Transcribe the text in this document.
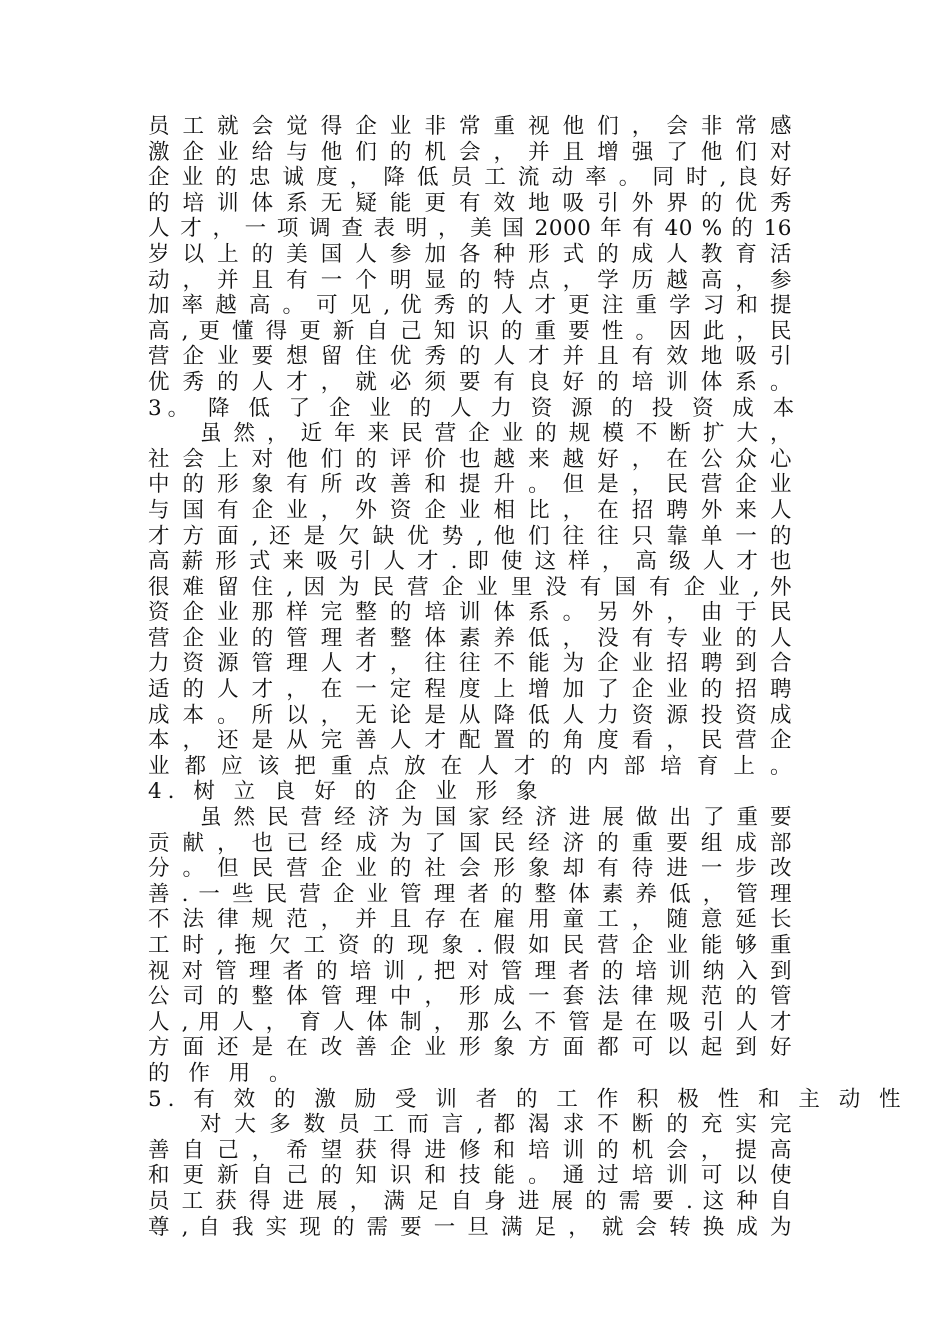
员 工 就 会 觉 得 企 业 非 常 重 视 他 们 ， 会 非 常 感
激 企 业 给 与 他 们 的 机 会 ， 并 且 增 强 了 他 们 对
企 业 的 忠 诚 度 ， 降 低 员 工 流 动 率 。 同 时 , 良 好
的 培 训 体 系 无 疑 能 更 有 效 地 吸 引 外 界 的 优 秀
人 才 ， 一 项 调 查 表 明 ， 美 国 2000 年 有 40 % 的 16
岁 以 上 的 美 国 人 参 加 各 种 形 式 的 成 人 教 育 活
动 ， 并 且 有 一 个 明 显 的 特 点 ， 学 历 越 高 ， 参
加 率 越 高 。 可 见 , 优 秀 的 人 才 更 注 重 学 习 和 提
高 , 更 懂 得 更 新 自 己 知 识 的 重 要 性 。 因 此 ， 民
营 企 业 要 想 留 住 优 秀 的 人 才 并 且 有 效 地 吸 引
优 秀 的 人 才 ， 就 必 须 要 有 良 好 的 培 训 体 系 。
3。 降 低 了 企 业 的 人 力 资 源 的 投 资 成 本
虽 然 ， 近 年 来 民 营 企 业 的 规 模 不 断 扩 大 ，
社 会 上 对 他 们 的 评 价 也 越 来 越 好 ， 在 公 众 心
中 的 形 象 有 所 改 善 和 提 升 。 但 是 ， 民 营 企 业
与 国 有 企 业 ， 外 资 企 业 相 比 ， 在 招 聘 外 来 人
才 方 面 , 还 是 欠 缺 优 势 , 他 们 往 往 只 靠 单 一 的
高 薪 形 式 来 吸 引 人 才 . 即 使 这 样 ， 高 级 人 才 也
很 难 留 住 , 因 为 民 营 企 业 里 没 有 国 有 企 业 , 外
资 企 业 那 样 完 整 的 培 训 体 系 。 另 外 ， 由 于 民
营 企 业 的 管 理 者 整 体 素 养 低 ， 没 有 专 业 的 人
力 资 源 管 理 人 才 ， 往 往 不 能 为 企 业 招 聘 到 合
适 的 人 才 ， 在 一 定 程 度 上 增 加 了 企 业 的 招 聘
成 本 。 所 以 ， 无 论 是 从 降 低 人 力 资 源 投 资 成
本 ， 还 是 从 完 善 人 才 配 置 的 角 度 看 ， 民 营 企
业 都 应 该 把 重 点 放 在 人 才 的 内 部 培 育 上 。
4. 树 立 良 好 的 企 业 形 象
虽 然 民 营 经 济 为 国 家 经 济 进 展 做 出 了 重 要
贡 献 ， 也 已 经 成 为 了 国 民 经 济 的 重 要 组 成 部
分 。 但 民 营 企 业 的 社 会 形 象 却 有 待 进 一 步 改
善 . 一 些 民 营 企 业 管 理 者 的 整 体 素 养 低 ， 管 理
不 法 律 规 范 ， 并 且 存 在 雇 用 童 工 ， 随 意 延 长
工 时 , 拖 欠 工 资 的 现 象 . 假 如 民 营 企 业 能 够 重
视 对 管 理 者 的 培 训 , 把 对 管 理 者 的 培 训 纳 入 到
公 司 的 整 体 管 理 中 ， 形 成 一 套 法 律 规 范 的 管
人 , 用 人 ， 育 人 体 制 ， 那 么 不 管 是 在 吸 引 人 才
方 面 还 是 在 改 善 企 业 形 象 方 面 都 可 以 起 到 好
的 作 用 。
5. 有 效 的 激 励 受 训 者 的 工 作 积 极 性 和 主 动 性
对 大 多 数 员 工 而 言 , 都 渴 求 不 断 的 充 实 完
善 自 己 ， 希 望 获 得 进 修 和 培 训 的 机 会 ， 提 高
和 更 新 自 己 的 知 识 和 技 能 。 通 过 培 训 可 以 使
员 工 获 得 进 展 ， 满 足 自 身 进 展 的 需 要 . 这 种 自
尊 , 自 我 实 现 的 需 要 一 旦 满 足 ， 就 会 转 换 成 为
